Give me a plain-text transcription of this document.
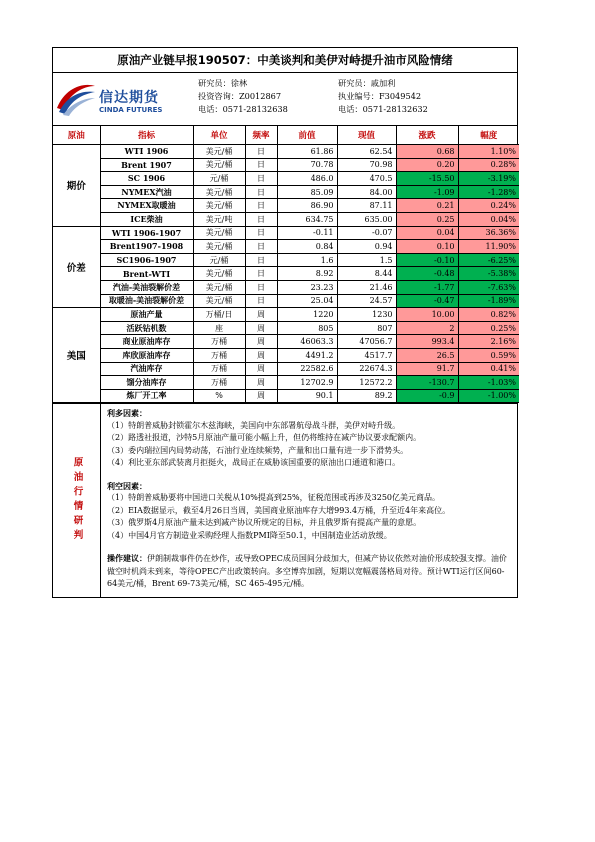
原油产业链早报190507：中美谈判和美伊对峙提升油市风险情绪
信达期货
CINDA FUTURES
研究员：徐林
投资咨询：Z0012867
电话：0571-28132638
研究员：戚加利
执业编号：F3049542
电话：0571-28132632
原油	指标	单位	频率	前值	现值	涨跌	幅度
期价	WTI 1906	美元/桶	日	61.86	62.54	0.68	1.10%
	Brent 1907	美元/桶	日	70.78	70.98	0.20	0.28%
	SC 1906	元/桶	日	486.0	470.5	-15.50	-3.19%
	NYMEX汽油	美元/桶	日	85.09	84.00	-1.09	-1.28%
	NYMEX取暖油	美元/桶	日	86.90	87.11	0.21	0.24%
	ICE柴油	美元/吨	日	634.75	635.00	0.25	0.04%
价差	WTI 1906-1907	美元/桶	日	-0.11	-0.07	0.04	36.36%
	Brent1907-1908	美元/桶	日	0.84	0.94	0.10	11.90%
	SC1906-1907	元/桶	日	1.6	1.5	-0.10	-6.25%
	Brent-WTI	美元/桶	日	8.92	8.44	-0.48	-5.38%
	汽油-美油裂解价差	美元/桶	日	23.23	21.46	-1.77	-7.63%
	取暖油-美油裂解价差	美元/桶	日	25.04	24.57	-0.47	-1.89%
美国	原油产量	万桶/日	周	1220	1230	10.00	0.82%
	活跃钻机数	座	周	805	807	2	0.25%
	商业原油库存	万桶	周	46063.3	47056.7	993.4	2.16%
	库欣原油库存	万桶	周	4491.2	4517.7	26.5	0.59%
	汽油库存	万桶	周	22582.6	22674.3	91.7	0.41%
	馏分油库存	万桶	周	12702.9	12572.2	-130.7	-1.03%
	炼厂开工率	%	周	90.1	89.2	-0.9	-1.00%
原油行情研判
利多因素：

（1）特朗普威胁封锁霍尔木兹海峡，美国向中东部署航母战斗群，美伊对峙升级。

（2）路透社报道，沙特5月原油产量可能小幅上升，但仍将维持在减产协议要求配额内。

（3）委内瑞拉国内局势动荡，石油行业连续频势，产量和出口量有进一步下滑势头。

（4）利比亚东部武装离月拒挺火，战局正在威胁该国重要的原油出口通道和港口。

利空因素：

（1）特朗普威胁要将中国进口关税从10%提高到25%，征税范围或再涉及3250亿美元商品。

（2）EIA数据显示，截至4月26日当周，美国商业原油库存大增993.4万桶，升至近4年来高位。

（3）俄罗斯4月原油产量未达到减产协议所规定的目标，并且俄罗斯有提高产量的意愿。

（4）中国4月官方制造业采购经理人指数PMI降至50.1，中国制造业活动放缓。

操作建议：伊朗制裁事件仍在炒作，或导致OPEC成员国间分歧加大，但减产协议依然对油价形成较强支撑。油价做空时机尚未到来，等待OPEC产出政策转向。多空博弈加剧，短期以宽幅震荡格局对待。预计WTI运行区间60-64美元/桶，Brent 69-73美元/桶，SC 465-495元/桶。
